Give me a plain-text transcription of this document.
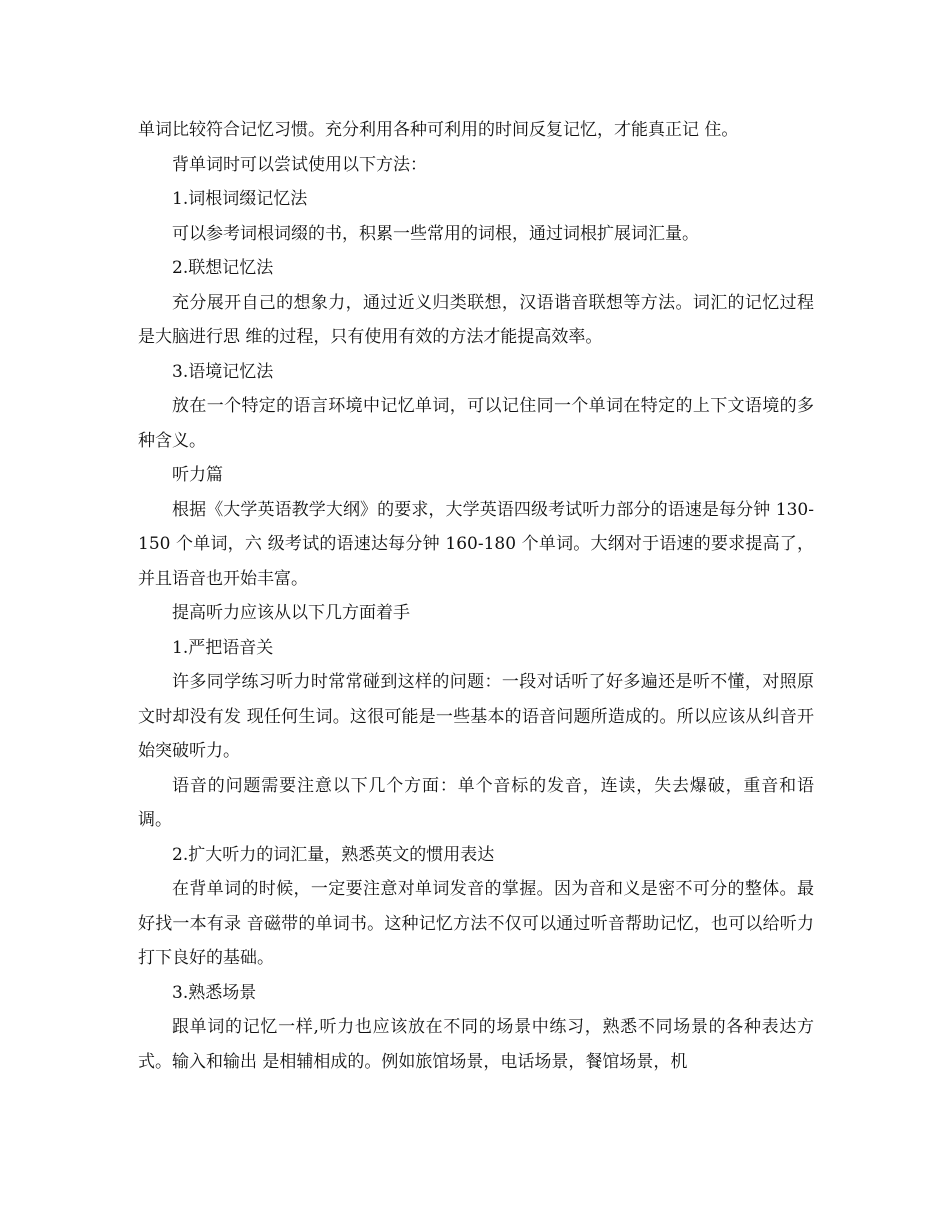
单词比较符合记忆习惯。充分利用各种可利用的时间反复记忆，才能真正记 住。

背单词时可以尝试使用以下方法：

1.词根词缀记忆法

可以参考词根词缀的书，积累一些常用的词根，通过词根扩展词汇量。

2.联想记忆法

充分展开自己的想象力，通过近义归类联想，汉语谐音联想等方法。词汇的记忆过程是大脑进行思 维的过程，只有使用有效的方法才能提高效率。

3.语境记忆法

放在一个特定的语言环境中记忆单词，可以记住同一个单词在特定的上下文语境的多种含义。

听力篇

根据《大学英语教学大纲》的要求，大学英语四级考试听力部分的语速是每分钟 130-150 个单词，六 级考试的语速达每分钟 160-180 个单词。大纲对于语速的要求提高了，并且语音也开始丰富。

提高听力应该从以下几方面着手

1.严把语音关

许多同学练习听力时常常碰到这样的问题：一段对话听了好多遍还是听不懂，对照原文时却没有发 现任何生词。这很可能是一些基本的语音问题所造成的。所以应该从纠音开始突破听力。

语音的问题需要注意以下几个方面：单个音标的发音，连读，失去爆破，重音和语调。

2.扩大听力的词汇量，熟悉英文的惯用表达

在背单词的时候，一定要注意对单词发音的掌握。因为音和义是密不可分的整体。最好找一本有录 音磁带的单词书。这种记忆方法不仅可以通过听音帮助记忆，也可以给听力打下良好的基础。

3.熟悉场景

跟单词的记忆一样,听力也应该放在不同的场景中练习，熟悉不同场景的各种表达方式。输入和输出 是相辅相成的。例如旅馆场景，电话场景，餐馆场景，机
